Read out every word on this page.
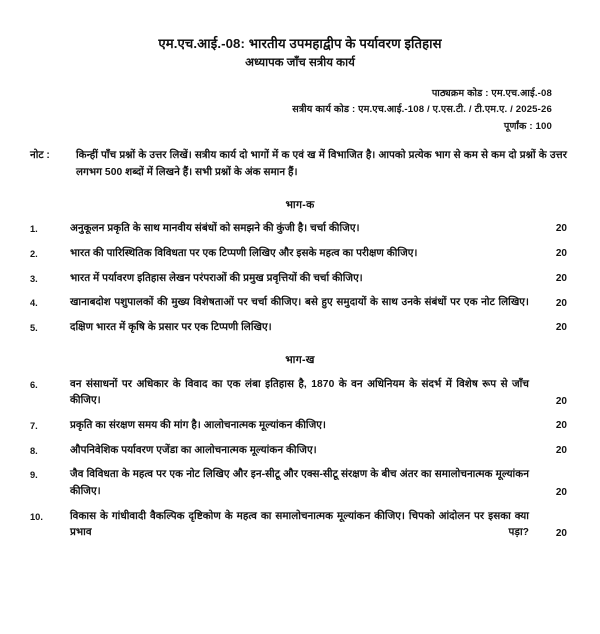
एम.एच.आई.-08: भारतीय उपमहाद्वीप के पर्यावरण इतिहास
अध्यापक जाँच सत्रीय कार्य
पाठ्यक्रम कोड : एम.एच.आई.-08
सत्रीय कार्य कोड : एम.एच.आई.-108 / ए.एस.टी. / टी.एम.ए. / 2025-26
पूर्णांक : 100
नोट :	किन्हीं पाँच प्रश्नों के उत्तर लिखें। सत्रीय कार्य दो भागों में क एवं ख में विभाजित है। आपको प्रत्येक भाग से कम से कम दो प्रश्नों के उत्तर लगभग 500 शब्दों में लिखने हैं। सभी प्रश्नों के अंक समान हैं।
भाग-क
1.	अनुकूलन प्रकृति के साथ मानवीय संबंधों को समझने की कुंजी है। चर्चा कीजिए।	20
2.	भारत की पारिस्थितिक विविधता पर एक टिप्पणी लिखिए और इसके महत्व का परीक्षण कीजिए।	20
3.	भारत में पर्यावरण इतिहास लेखन परंपराओं की प्रमुख प्रवृत्तियों की चर्चा कीजिए।	20
4.	खानाबदोश पशुपालकों की मुख्य विशेषताओं पर चर्चा कीजिए। बसे हुए समुदायों के साथ उनके संबंधों पर एक नोट लिखिए।	20
5.	दक्षिण भारत में कृषि के प्रसार पर एक टिप्पणी लिखिए।	20
भाग-ख
6.	वन संसाधनों पर अधिकार के विवाद का एक लंबा इतिहास है, 1870 के वन अधिनियम के संदर्भ में विशेष रूप से जाँच कीजिए।	20
7.	प्रकृति का संरक्षण समय की मांग है। आलोचनात्मक मूल्यांकन कीजिए।	20
8.	औपनिवेशिक पर्यावरण एजेंडा का आलोचनात्मक मूल्यांकन कीजिए।	20
9.	जैव विविधता के महत्व पर एक नोट लिखिए और इन-सीटू और एक्स-सीटू संरक्षण के बीच अंतर का समालोचनात्मक मूल्यांकन कीजिए।	20
10.	विकास के गांधीवादी वैकल्पिक दृष्टिकोण के महत्व का समालोचनात्मक मूल्यांकन कीजिए। चिपको आंदोलन पर इसका क्या प्रभाव पड़ा?	20
